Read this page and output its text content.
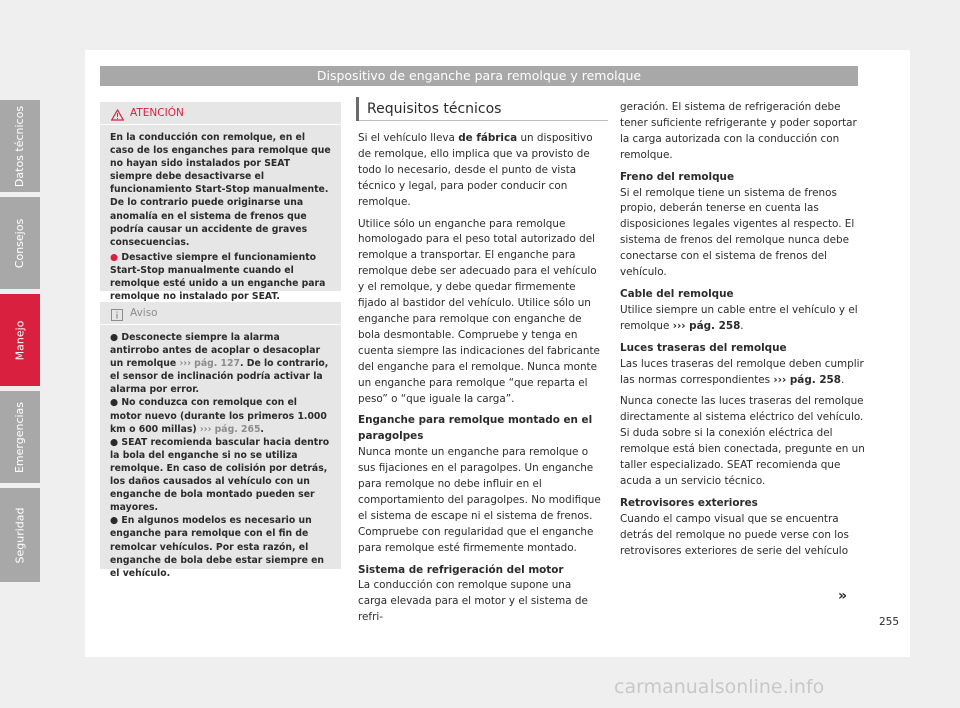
Dispositivo de enganche para remolque y remolque
ATENCIÓN

En la conducción con remolque, en el caso de los enganches para remolque que no hayan sido instalados por SEAT siempre debe desactivarse el funcionamiento Start-Stop manualmente. De lo contrario puede originarse una anomalía en el sistema de frenos que podría causar un accidente de graves consecuencias.

● Desactive siempre el funcionamiento Start-Stop manualmente cuando el remolque esté unido a un enganche para remolque no instalado por SEAT.

Aviso

● Desconecte siempre la alarma antirrobo antes de acoplar o desacoplar un remolque ››› pág. 127. De lo contrario, el sensor de inclinación podría activar la alarma por error.

● No conduzca con remolque con el motor nuevo (durante los primeros 1.000 km o 600 millas) ››› pág. 265.

● SEAT recomienda bascular hacia dentro la bola del enganche si no se utiliza remolque. En caso de colisión por detrás, los daños causados al vehículo con un enganche de bola montado pueden ser mayores.

● En algunos modelos es necesario un enganche para remolque con el fin de remolcar vehículos. Por esta razón, el enganche de bola debe estar siempre en el vehículo.

Requisitos técnicos

Si el vehículo lleva de fábrica un dispositivo de remolque, ello implica que va provisto de todo lo necesario, desde el punto de vista técnico y legal, para poder conducir con remolque.

Utilice sólo un enganche para remolque homologado para el peso total autorizado del remolque a transportar. El enganche para remolque debe ser adecuado para el vehículo y el remolque, y debe quedar firmemente fijado al bastidor del vehículo. Utilice sólo un enganche para remolque con enganche de bola desmontable. Compruebe y tenga en cuenta siempre las indicaciones del fabricante del enganche para el remolque. Nunca monte un enganche para remolque “que reparta el peso” o “que iguale la carga”.

Enganche para remolque montado en el paragolpes

Nunca monte un enganche para remolque o sus fijaciones en el paragolpes. Un enganche para remolque no debe influir en el comportamiento del paragolpes. No modifique el sistema de escape ni el sistema de frenos. Compruebe con regularidad que el enganche para remolque esté firmemente montado.

Sistema de refrigeración del motor

La conducción con remolque supone una carga elevada para el motor y el sistema de refri-

geración. El sistema de refrigeración debe tener suficiente refrigerante y poder soportar la carga autorizada con la conducción con remolque.

Freno del remolque

Si el remolque tiene un sistema de frenos propio, deberán tenerse en cuenta las disposiciones legales vigentes al respecto. El sistema de frenos del remolque nunca debe conectarse con el sistema de frenos del vehículo.

Cable del remolque

Utilice siempre un cable entre el vehículo y el remolque ››› pág. 258.

Luces traseras del remolque

Las luces traseras del remolque deben cumplir las normas correspondientes ››› pág. 258.

Nunca conecte las luces traseras del remolque directamente al sistema eléctrico del vehículo. Si duda sobre si la conexión eléctrica del remolque está bien conectada, pregunte en un taller especializado. SEAT recomienda que acuda a un servicio técnico.

Retrovisores exteriores

Cuando el campo visual que se encuentra detrás del remolque no puede verse con los retrovisores exteriores de serie del vehículo

»
Datos técnicos
Consejos
Manejo
Emergencias
Seguridad
255
carmanualsonline.info
